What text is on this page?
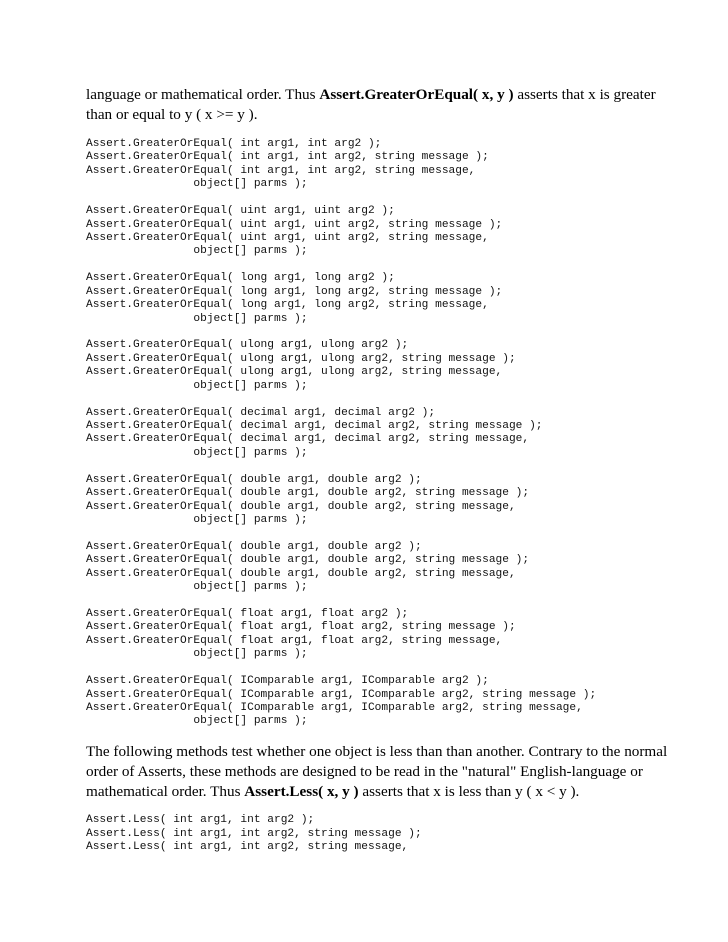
language or mathematical order. Thus Assert.GreaterOrEqual( x, y ) asserts that x is greater
than or equal to y ( x >= y ).

Assert.GreaterOrEqual( int arg1, int arg2 );
Assert.GreaterOrEqual( int arg1, int arg2, string message );
Assert.GreaterOrEqual( int arg1, int arg2, string message,
object[] parms );
Assert.GreaterOrEqual( uint arg1, uint arg2 );
Assert.GreaterOrEqual( uint arg1, uint arg2, string message );
Assert.GreaterOrEqual( uint arg1, uint arg2, string message,
object[] parms );
Assert.GreaterOrEqual( long arg1, long arg2 );
Assert.GreaterOrEqual( long arg1, long arg2, string message );
Assert.GreaterOrEqual( long arg1, long arg2, string message,
object[] parms );
Assert.GreaterOrEqual( ulong arg1, ulong arg2 );
Assert.GreaterOrEqual( ulong arg1, ulong arg2, string message );
Assert.GreaterOrEqual( ulong arg1, ulong arg2, string message,
object[] parms );
Assert.GreaterOrEqual( decimal arg1, decimal arg2 );
Assert.GreaterOrEqual( decimal arg1, decimal arg2, string message );
Assert.GreaterOrEqual( decimal arg1, decimal arg2, string message,
object[] parms );
Assert.GreaterOrEqual( double arg1, double arg2 );
Assert.GreaterOrEqual( double arg1, double arg2, string message );
Assert.GreaterOrEqual( double arg1, double arg2, string message,
object[] parms );
Assert.GreaterOrEqual( double arg1, double arg2 );
Assert.GreaterOrEqual( double arg1, double arg2, string message );
Assert.GreaterOrEqual( double arg1, double arg2, string message,
object[] parms );
Assert.GreaterOrEqual( float arg1, float arg2 );
Assert.GreaterOrEqual( float arg1, float arg2, string message );
Assert.GreaterOrEqual( float arg1, float arg2, string message,
object[] parms );
Assert.GreaterOrEqual( IComparable arg1, IComparable arg2 );
Assert.GreaterOrEqual( IComparable arg1, IComparable arg2, string message );
Assert.GreaterOrEqual( IComparable arg1, IComparable arg2, string message,
object[] parms );

The following methods test whether one object is less than than another. Contrary to the normal
order of Asserts, these methods are designed to be read in the "natural" English-language or
mathematical order. Thus Assert.Less( x, y ) asserts that x is less than y ( x < y ).

Assert.Less( int arg1, int arg2 );
Assert.Less( int arg1, int arg2, string message );
Assert.Less( int arg1, int arg2, string message,
